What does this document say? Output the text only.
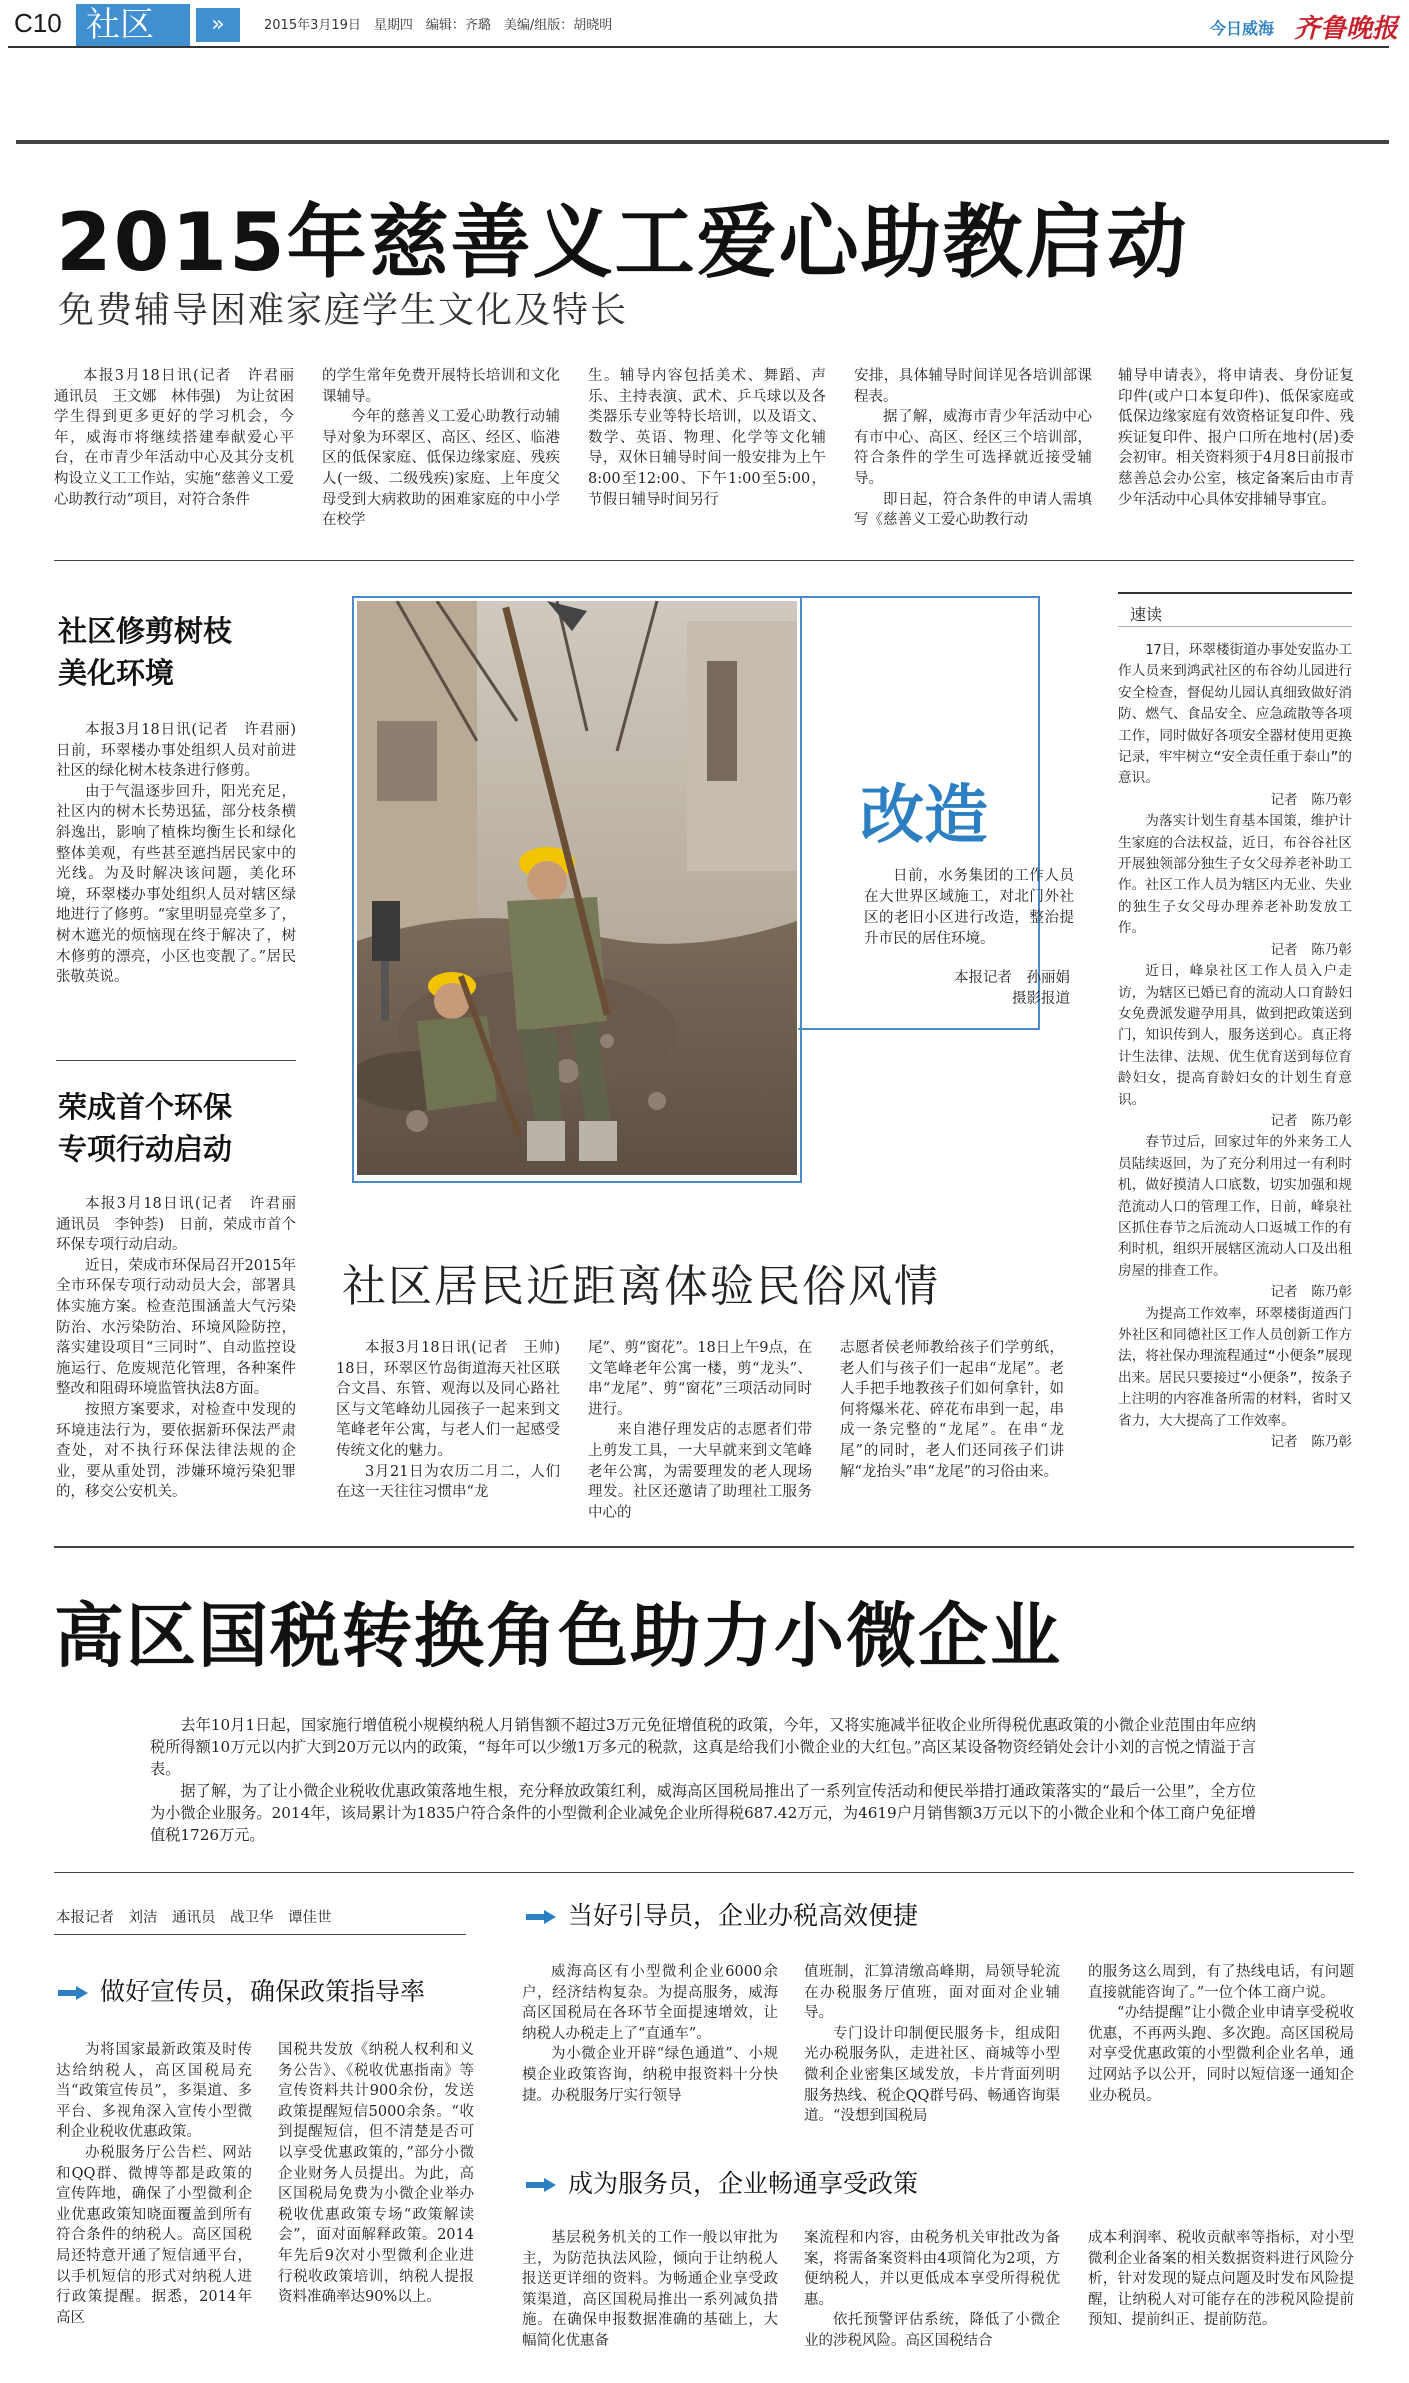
C10 社区	»	2015年3月19日　星期四　编辑：齐璐　美编/组版：胡晓明	今日威海 齐鲁晚报
2015年慈善义工爱心助教启动
免费辅导困难家庭学生文化及特长

本报3月18日讯(记者　许君丽　通讯员　王文娜　林伟强)　为让贫困学生得到更多更好的学习机会，今年，威海市将继续搭建奉献爱心平台，在市青少年活动中心及其分支机构设立义工工作站，实施“慈善义工爱心助教行动”项目，对符合条件

的学生常年免费开展特长培训和文化课辅导。

今年的慈善义工爱心助教行动辅导对象为环翠区、高区、经区、临港区的低保家庭、低保边缘家庭、残疾人(一级、二级残疾)家庭、上年度父母受到大病救助的困难家庭的中小学在校学

生。辅导内容包括美术、舞蹈、声乐、主持表演、武术、乒乓球以及各类器乐专业等特长培训，以及语文、数学、英语、物理、化学等文化辅导，双休日辅导时间一般安排为上午8:00至12:00、下午1:00至5:00，节假日辅导时间另行

安排，具体辅导时间详见各培训部课程表。

据了解，威海市青少年活动中心有市中心、高区、经区三个培训部，符合条件的学生可选择就近接受辅导。

即日起，符合条件的申请人需填写《慈善义工爱心助教行动

辅导申请表》，将申请表、身份证复印件(或户口本复印件)、低保家庭或低保边缘家庭有效资格证复印件、残疾证复印件、报户口所在地村(居)委会初审。相关资料须于4月8日前报市慈善总会办公室，核定备案后由市青少年活动中心具体安排辅导事宜。

社区修剪树枝
美化环境

本报3月18日讯(记者　许君丽)　日前，环翠楼办事处组织人员对前进社区的绿化树木枝条进行修剪。

由于气温逐步回升，阳光充足，社区内的树木长势迅猛，部分枝条横斜逸出，影响了植株均衡生长和绿化整体美观，有些甚至遮挡居民家中的光线。为及时解决该问题，美化环境，环翠楼办事处组织人员对辖区绿地进行了修剪。“家里明显亮堂多了，树木遮光的烦恼现在终于解决了，树木修剪的漂亮，小区也变靓了。”居民张敬英说。

荣成首个环保
专项行动启动

本报3月18日讯(记者　许君丽　通讯员　李钟荟)　日前，荣成市首个环保专项行动启动。

近日，荣成市环保局召开2015年全市环保专项行动动员大会，部署具体实施方案。检查范围涵盖大气污染防治、水污染防治、环境风险防控，落实建设项目“三同时”、自动监控设施运行、危废规范化管理，各种案件整改和阻碍环境监管执法8方面。

按照方案要求，对检查中发现的环境违法行为，要依据新环保法严肃查处，对不执行环保法律法规的企业，要从重处罚，涉嫌环境污染犯罪的，移交公安机关。

改造

日前，水务集团的工作人员在大世界区域施工，对北门外社区的老旧小区进行改造，整治提升市民的居住环境。

本报记者　孙丽娟
摄影报道
速读

17日，环翠楼街道办事处安监办工作人员来到鸿武社区的布谷幼儿园进行安全检查，督促幼儿园认真细致做好消防、燃气、食品安全、应急疏散等各项工作，同时做好各项安全器材使用更换记录，牢牢树立“安全责任重于泰山”的意识。

记者　陈乃彰

为落实计划生育基本国策，维护计生家庭的合法权益，近日，布谷谷社区开展独领部分独生子女父母养老补助工作。社区工作人员为辖区内无业、失业的独生子女父母办理养老补助发放工作。

记者　陈乃彰

近日，峰泉社区工作人员入户走访，为辖区已婚已育的流动人口育龄妇女免费派发避孕用具，做到把政策送到门，知识传到人，服务送到心。真正将计生法律、法规、优生优育送到每位育龄妇女，提高育龄妇女的计划生育意识。

记者　陈乃彰

春节过后，回家过年的外来务工人员陆续返回，为了充分利用过一有利时机，做好摸清人口底数，切实加强和规范流动人口的管理工作，日前，峰泉社区抓住春节之后流动人口返城工作的有利时机，组织开展辖区流动人口及出租房屋的排查工作。

记者　陈乃彰

为提高工作效率，环翠楼街道西门外社区和同德社区工作人员创新工作方法，将社保办理流程通过“小便条”展现出来。居民只要接过“小便条”，按条子上注明的内容准备所需的材料，省时又省力，大大提高了工作效率。

记者　陈乃彰

社区居民近距离体验民俗风情

本报3月18日讯(记者　王帅)　18日，环翠区竹岛街道海天社区联合文昌、东管、观海以及同心路社区与文笔峰幼儿园孩子一起来到文笔峰老年公寓，与老人们一起感受传统文化的魅力。

3月21日为农历二月二，人们在这一天往往习惯串“龙

尾”、剪“窗花”。18日上午9点，在文笔峰老年公寓一楼，剪“龙头”、串“龙尾”、剪“窗花”三项活动同时进行。

来自港仔理发店的志愿者们带上剪发工具，一大早就来到文笔峰老年公寓，为需要理发的老人现场理发。社区还邀请了助理社工服务中心的

志愿者侯老师教给孩子们学剪纸，老人们与孩子们一起串“龙尾”。老人手把手地教孩子们如何拿针，如何将爆米花、碎花布串到一起，串成一条完整的“龙尾”。在串“龙尾”的同时，老人们还同孩子们讲解“龙抬头”串“龙尾”的习俗由来。

高区国税转换角色助力小微企业

去年10月1日起，国家施行增值税小规模纳税人月销售额不超过3万元免征增值税的政策，今年，又将实施减半征收企业所得税优惠政策的小微企业范围由年应纳税所得额10万元以内扩大到20万元以内的政策，“每年可以少缴1万多元的税款，这真是给我们小微企业的大红包。”高区某设备物资经销处会计小刘的言悦之情溢于言表。

据了解，为了让小微企业税收优惠政策落地生根，充分释放政策红利，威海高区国税局推出了一系列宣传活动和便民举措打通政策落实的“最后一公里”，全方位为小微企业服务。2014年，该局累计为1835户符合条件的小型微利企业减免企业所得税687.42万元，为4619户月销售额3万元以下的小微企业和个体工商户免征增值税1726万元。

本报记者　刘洁　通讯员　战卫华　谭佳世
做好宣传员，确保政策指导率

为将国家最新政策及时传达给纳税人，高区国税局充当“政策宣传员”，多渠道、多平台、多视角深入宣传小型微利企业税收优惠政策。

办税服务厅公告栏、网站和QQ群、微博等都是政策的宣传阵地，确保了小型微利企业优惠政策知晓面覆盖到所有符合条件的纳税人。高区国税局还特意开通了短信通平台，以手机短信的形式对纳税人进行政策提醒。据悉，2014年高区

国税共发放《纳税人权利和义务公告》、《税收优惠指南》等宣传资料共计900余份，发送政策提醒短信5000余条。“收到提醒短信，但不清楚是否可以享受优惠政策的，”部分小微企业财务人员提出。为此，高区国税局免费为小微企业举办税收优惠政策专场“政策解读会”，面对面解释政策。2014年先后9次对小型微利企业进行税收政策培训，纳税人提报资料准确率达90%以上。

当好引导员，企业办税高效便捷

威海高区有小型微利企业6000余户，经济结构复杂。为提高服务，威海高区国税局在各环节全面提速增效，让纳税人办税走上了“直通车”。

为小微企业开辟“绿色通道”、小规模企业政策咨询，纳税申报资料十分快捷。办税服务厅实行领导

值班制，汇算清缴高峰期，局领导轮流在办税服务厅值班，面对面对企业辅导。

专门设计印制便民服务卡，组成阳光办税服务队，走进社区、商城等小型微利企业密集区域发放，卡片背面列明服务热线、税企QQ群号码、畅通咨询渠道。“没想到国税局

的服务这么周到，有了热线电话，有问题直接就能咨询了。”一位个体工商户说。

“办结提醒”让小微企业申请享受税收优惠，不再两头跑、多次跑。高区国税局对享受优惠政策的小型微利企业名单，通过网站予以公开，同时以短信逐一通知企业办税员。

成为服务员，企业畅通享受政策

基层税务机关的工作一般以审批为主，为防范执法风险，倾向于让纳税人报送更详细的资料。为畅通企业享受政策渠道，高区国税局推出一系列减负措施。在确保申报数据准确的基础上，大幅简化优惠备

案流程和内容，由税务机关审批改为备案，将需备案资料由4项简化为2项，方便纳税人，并以更低成本享受所得税优惠。

依托预警评估系统，降低了小微企业的涉税风险。高区国税结合

成本利润率、税收贡献率等指标，对小型微利企业备案的相关数据资料进行风险分析，针对发现的疑点问题及时发布风险提醒，让纳税人对可能存在的涉税风险提前预知、提前纠正、提前防范。
